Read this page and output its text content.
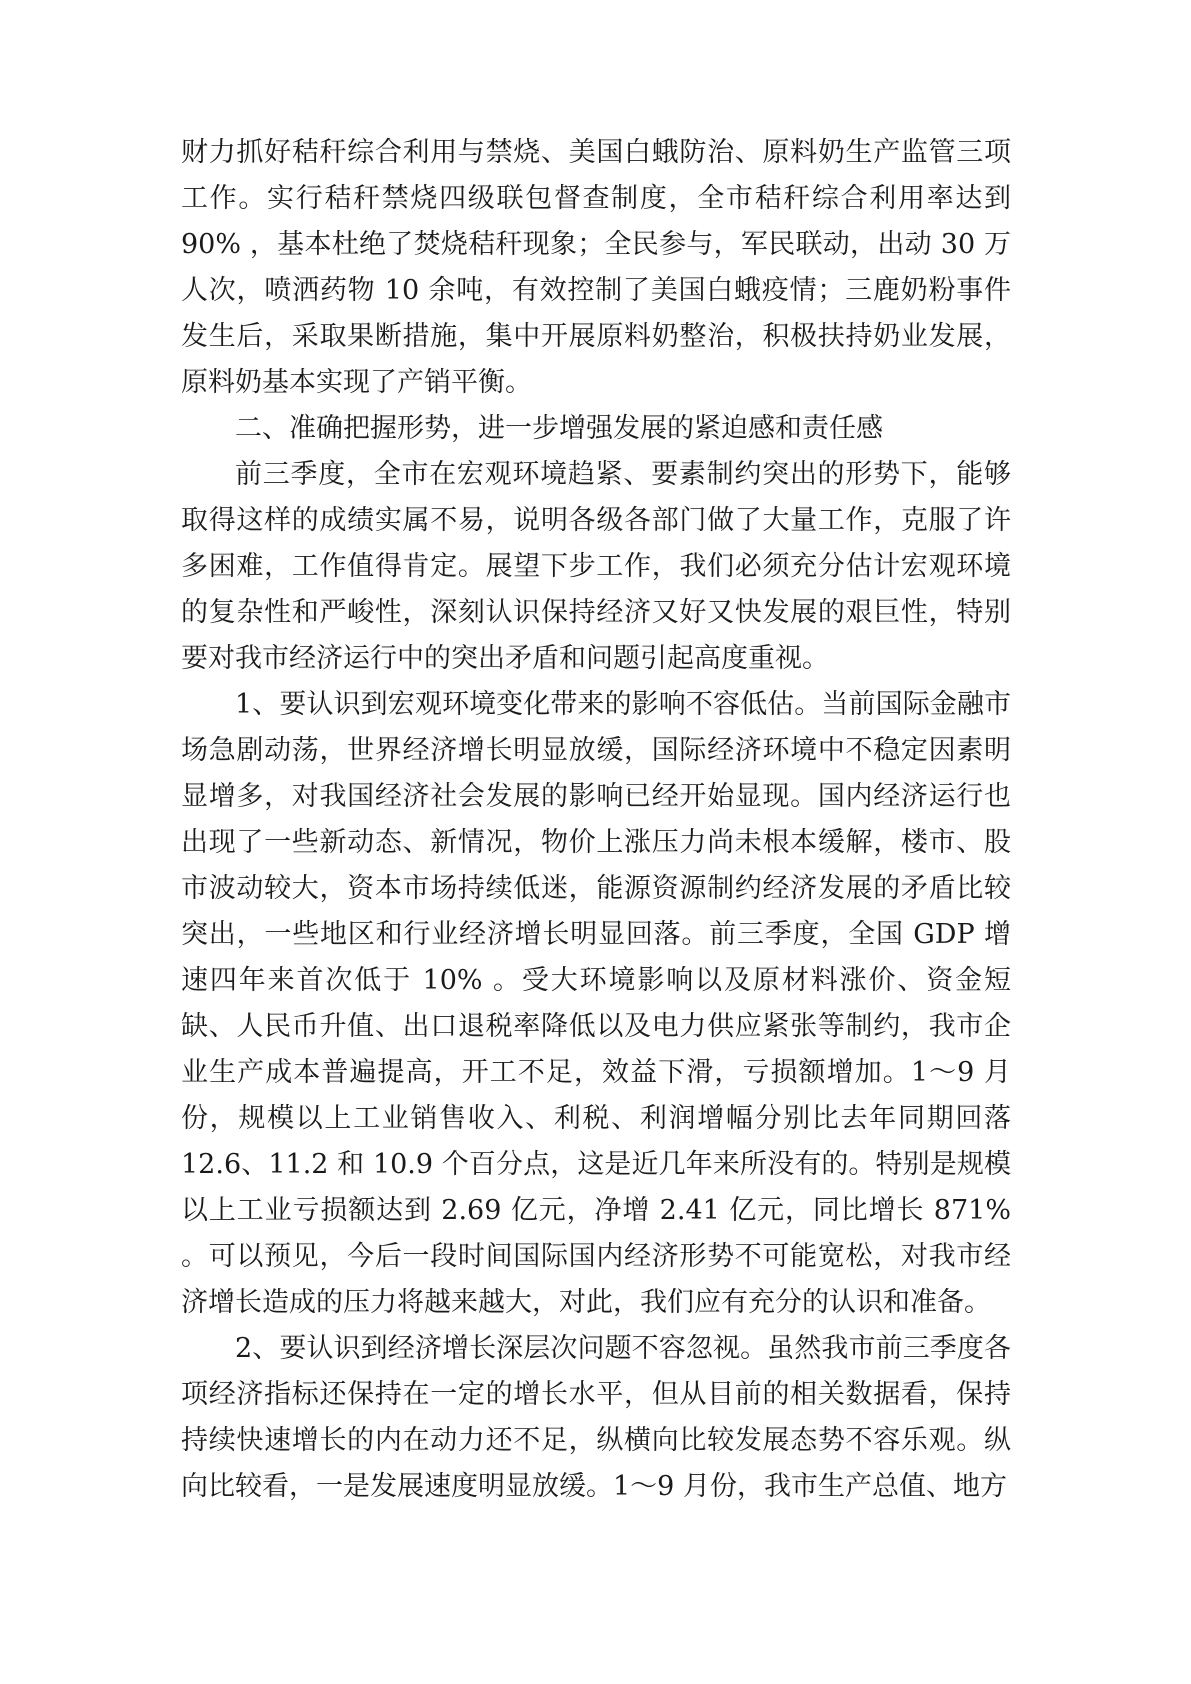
财力抓好秸秆综合利用与禁烧、美国白蛾防治、原料奶生产监管三项工作。实行秸秆禁烧四级联包督查制度，全市秸秆综合利用率达到90% ，基本杜绝了焚烧秸秆现象；全民参与，军民联动，出动 30 万人次，喷洒药物 10 余吨，有效控制了美国白蛾疫情；三鹿奶粉事件发生后，采取果断措施，集中开展原料奶整治，积极扶持奶业发展，原料奶基本实现了产销平衡。

二、准确把握形势，进一步增强发展的紧迫感和责任感

前三季度，全市在宏观环境趋紧、要素制约突出的形势下，能够取得这样的成绩实属不易，说明各级各部门做了大量工作，克服了许多困难，工作值得肯定。展望下步工作，我们必须充分估计宏观环境的复杂性和严峻性，深刻认识保持经济又好又快发展的艰巨性，特别要对我市经济运行中的突出矛盾和问题引起高度重视。

1、要认识到宏观环境变化带来的影响不容低估。当前国际金融市场急剧动荡，世界经济增长明显放缓，国际经济环境中不稳定因素明显增多，对我国经济社会发展的影响已经开始显现。国内经济运行也出现了一些新动态、新情况，物价上涨压力尚未根本缓解，楼市、股市波动较大，资本市场持续低迷，能源资源制约经济发展的矛盾比较突出，一些地区和行业经济增长明显回落。前三季度，全国 GDP 增速四年来首次低于 10% 。受大环境影响以及原材料涨价、资金短缺、人民币升值、出口退税率降低以及电力供应紧张等制约，我市企业生产成本普遍提高，开工不足，效益下滑，亏损额增加。1～9 月份，规模以上工业销售收入、利税、利润增幅分别比去年同期回落 12.6、11.2 和 10.9 个百分点，这是近几年来所没有的。特别是规模以上工业亏损额达到 2.69 亿元，净增 2.41 亿元，同比增长 871% 。可以预见，今后一段时间国际国内经济形势不可能宽松，对我市经济增长造成的压力将越来越大，对此，我们应有充分的认识和准备。

2、要认识到经济增长深层次问题不容忽视。虽然我市前三季度各项经济指标还保持在一定的增长水平，但从目前的相关数据看，保持持续快速增长的内在动力还不足，纵横向比较发展态势不容乐观。纵向比较看，一是发展速度明显放缓。1～9 月份，我市生产总值、地方
